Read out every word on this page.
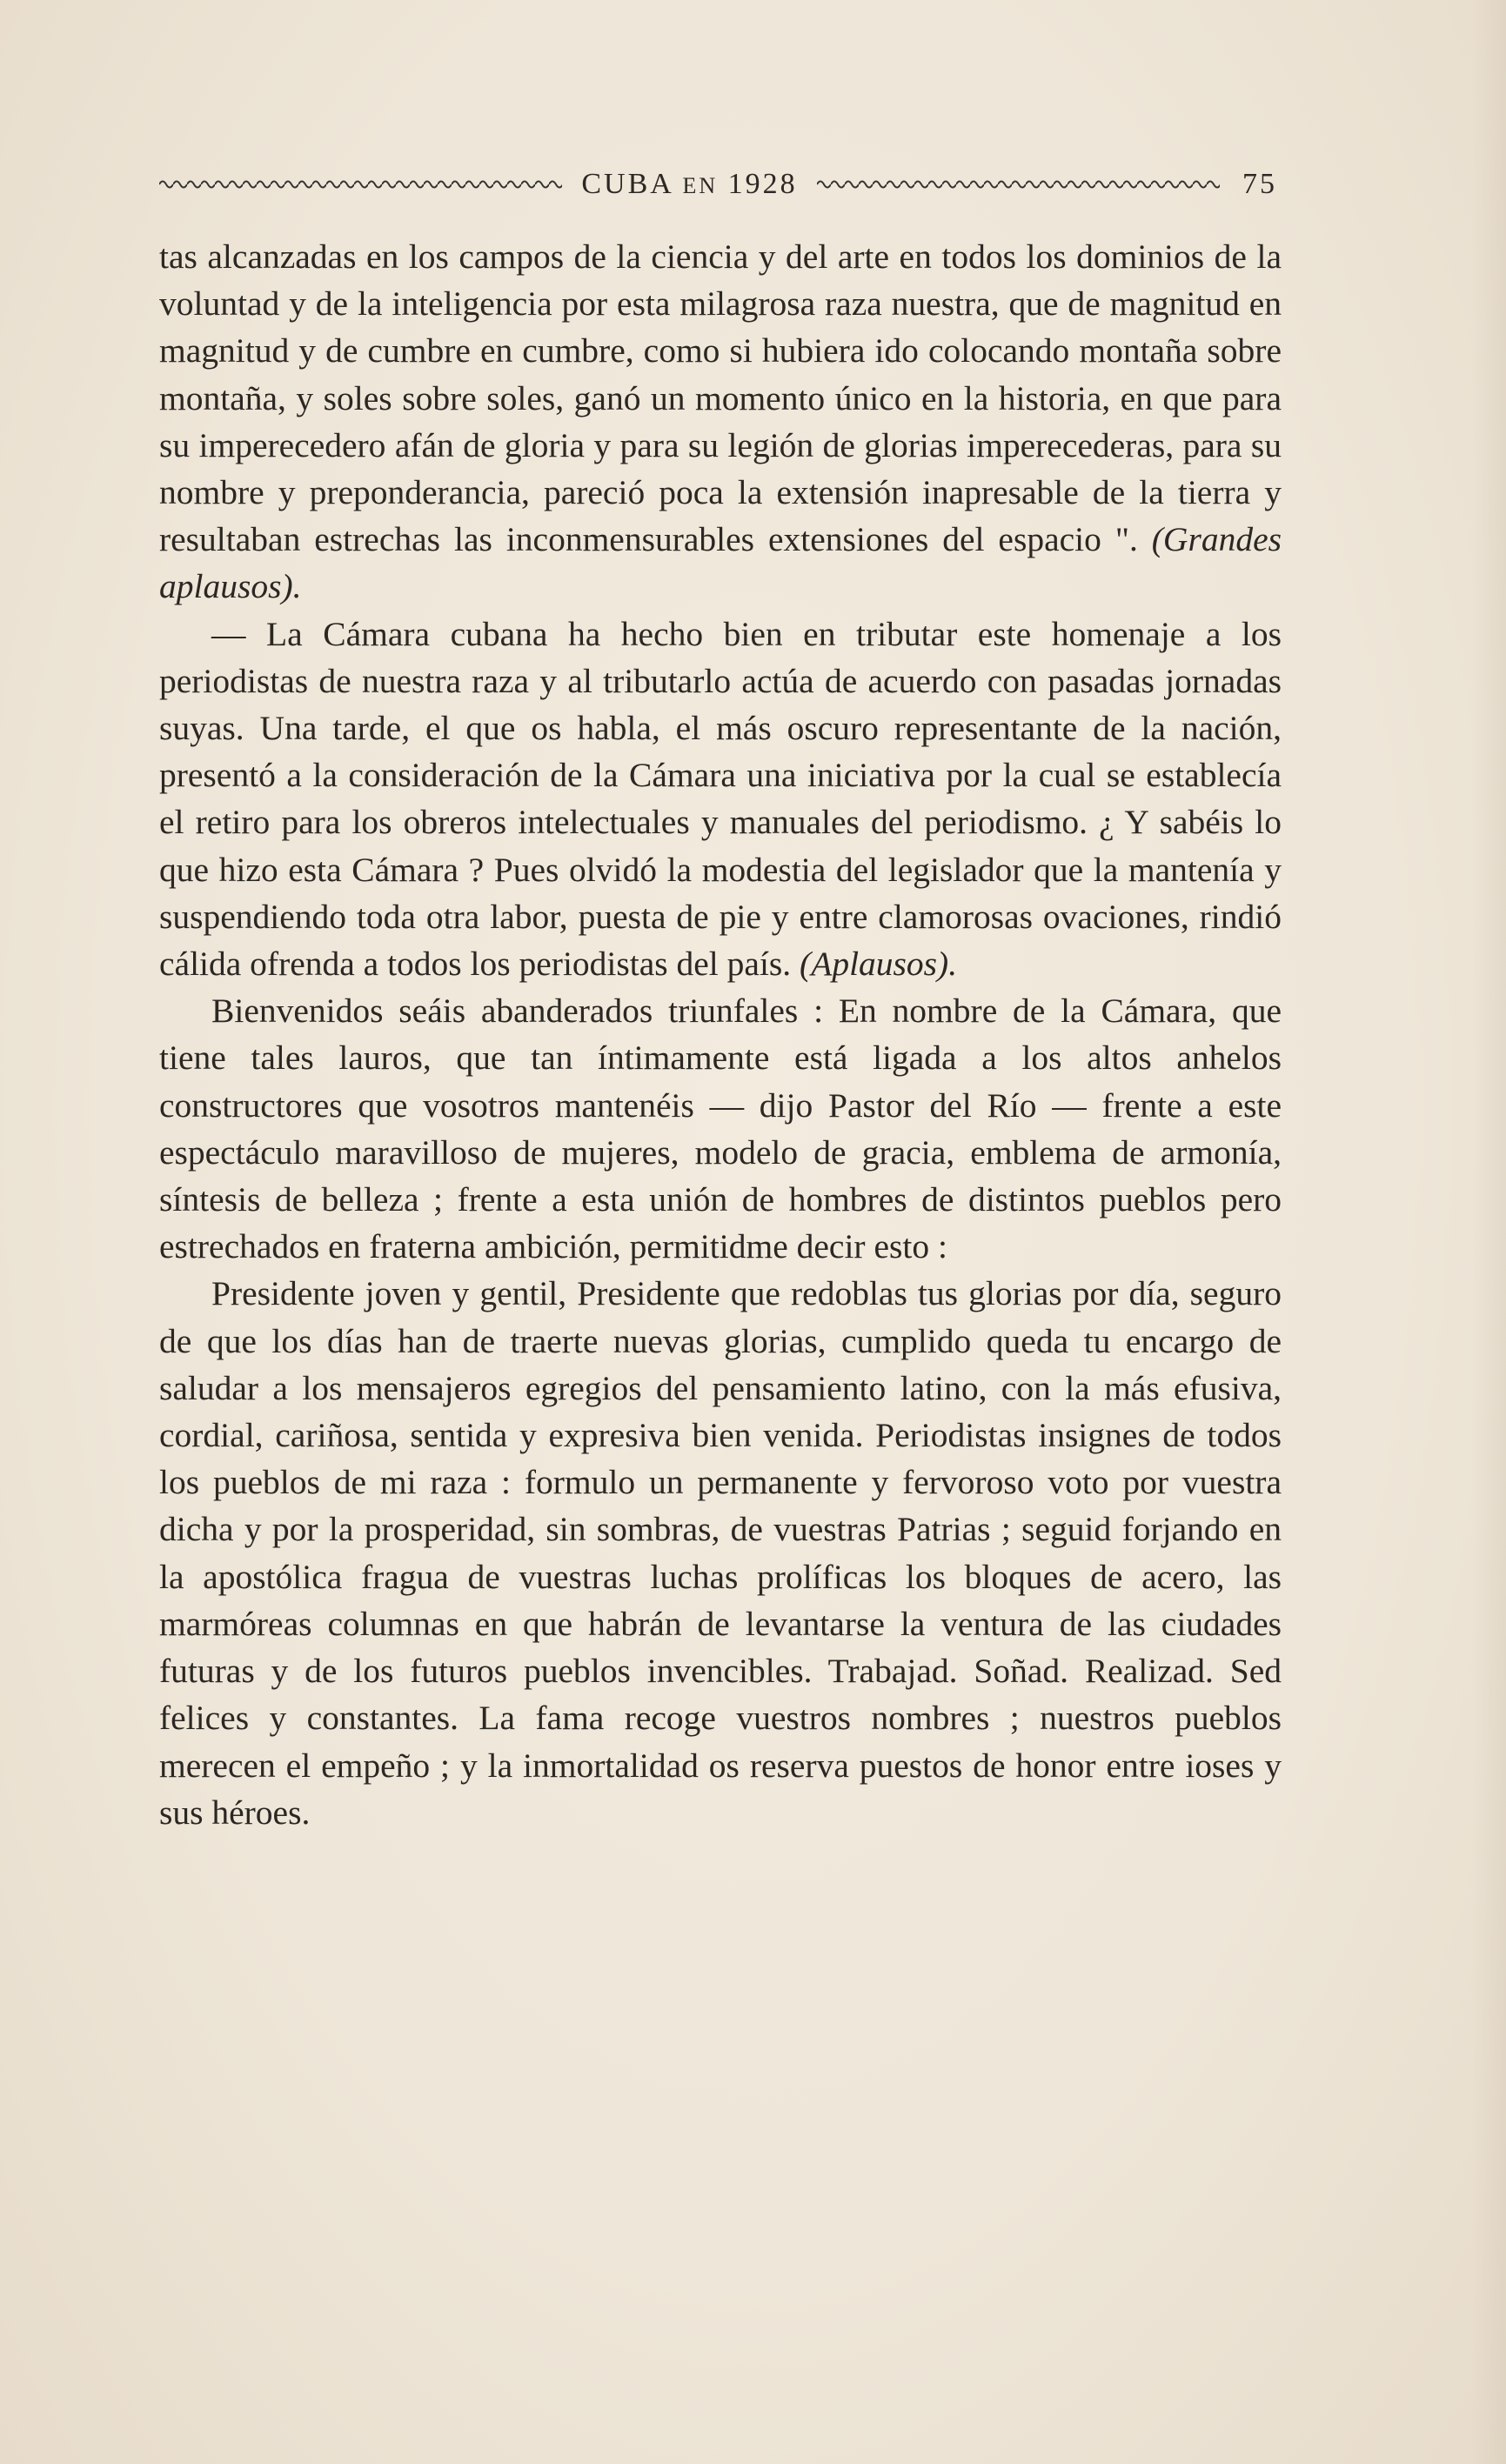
CUBA EN 1928	75

tas alcanzadas en los campos de la ciencia y del arte en todos los dominios de la voluntad y de la inteligencia por esta milagrosa raza nuestra, que de magnitud en magnitud y de cumbre en cumbre, como si hubiera ido colocando montaña sobre montaña, y soles sobre soles, ganó un momento único en la historia, en que para su imperecedero afán de gloria y para su legión de glorias imperecederas, para su nombre y preponderancia, pareció poca la extensión inapresable de la tierra y resultaban estrechas las inconmensurables extensiones del espacio ". (Grandes aplausos).

— La Cámara cubana ha hecho bien en tributar este homenaje a los periodistas de nuestra raza y al tributarlo actúa de acuerdo con pasadas jornadas suyas. Una tarde, el que os habla, el más oscuro representante de la nación, presentó a la consideración de la Cámara una iniciativa por la cual se establecía el retiro para los obreros intelectuales y manuales del periodismo. ¿ Y sabéis lo que hizo esta Cámara ? Pues olvidó la modestia del legislador que la mantenía y suspendiendo toda otra labor, puesta de pie y entre clamorosas ovaciones, rindió cálida ofrenda a todos los periodistas del país. (Aplausos).

Bienvenidos seáis abanderados triunfales : En nombre de la Cámara, que tiene tales lauros, que tan íntimamente está ligada a los altos anhelos constructores que vosotros mantenéis — dijo Pastor del Río — frente a este espectáculo maravilloso de mujeres, modelo de gracia, emblema de armonía, síntesis de belleza ; frente a esta unión de hombres de distintos pueblos pero estrechados en fraterna ambición, permitidme decir esto :

Presidente joven y gentil, Presidente que redoblas tus glorias por día, seguro de que los días han de traerte nuevas glorias, cumplido queda tu encargo de saludar a los mensajeros egregios del pensamiento latino, con la más efusiva, cordial, cariñosa, sentida y expresiva bien venida. Periodistas insignes de todos los pueblos de mi raza : formulo un permanente y fervoroso voto por vuestra dicha y por la prosperidad, sin sombras, de vuestras Patrias ; seguid forjando en la apostólica fragua de vuestras luchas prolíficas los bloques de acero, las marmóreas columnas en que habrán de levantarse la ventura de las ciudades futuras y de los futuros pueblos invencibles. Trabajad. Soñad. Realizad. Sed felices y constantes. La fama recoge vuestros nombres ; nuestros pueblos merecen el empeño ; y la inmortalidad os reserva puestos de honor entre ioses y sus héroes.
